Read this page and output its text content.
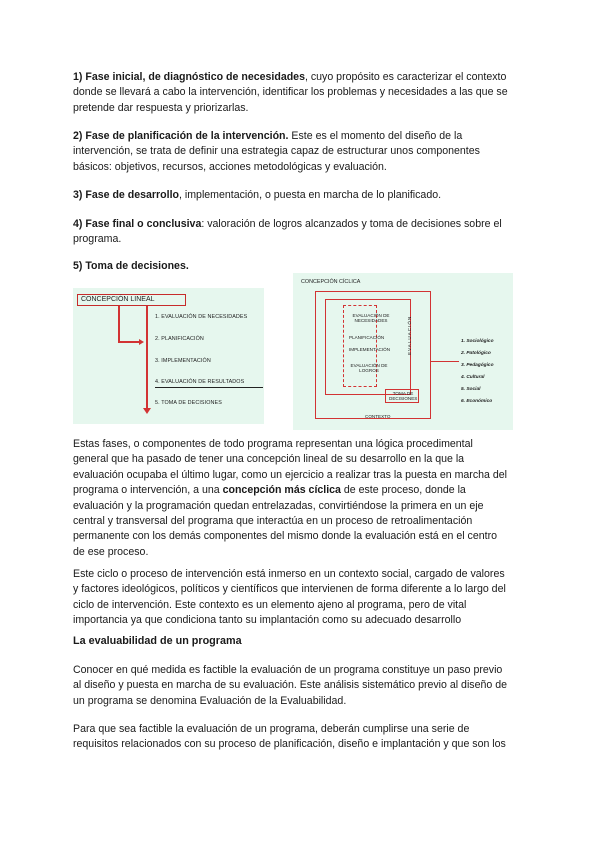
1) Fase inicial, de diagnóstico de necesidades, cuyo propósito es caracterizar el contexto

donde se llevará a cabo la intervención, identificar los problemas y necesidades a las que se

pretende dar respuesta y priorizarlas.

2) Fase de planificación de la intervención. Este es el momento del diseño de la

intervención, se trata de definir una estrategia capaz de estructurar unos componentes

básicos: objetivos, recursos, acciones metodológicas y evaluación.

3) Fase de desarrollo, implementación, o puesta en marcha de lo planificado.

4) Fase final o conclusiva: valoración de logros alcanzados y toma de decisiones sobre el

programa.

5) Toma de decisiones.

CONCEPCIÓN LINEAL
1. EVALUACIÓN DE NECESIDADES
2. PLANIFICACIÓN
3. IMPLEMENTACIÓN
4. EVALUACIÓN DE RESULTADOS
5. TOMA DE DECISIONES
CONCEPCIÓN CÍCLICA
EVALUACIÓN DE NECESIDADES
PLANIFICACIÓN
IMPLEMENTACIÓN
EVALUACIÓN DE LOGROS
EVALUACIÓN
TOMA DE DECISIONES
CONTEXTO
1. Sociológico
2. Patológico
3. Pedagógico
4. Cultural
5. Social
6. Económico

Estas fases, o componentes de todo programa representan una lógica procedimental

general que ha pasado de tener una concepción lineal de su desarrollo en la que la

evaluación ocupaba el último lugar, como un ejercicio a realizar tras la puesta en marcha del

programa o intervención, a una concepción más cíclica de este proceso, donde la

evaluación y la programación quedan entrelazadas, convirtiéndose la primera en un eje

central y transversal del programa que interactúa en un proceso de retroalimentación

permanente con los demás componentes del mismo donde la evaluación está en el centro

de ese proceso.

Este ciclo o proceso de intervención está inmerso en un contexto social, cargado de valores

y factores ideológicos, políticos y científicos que intervienen de forma diferente a lo largo del

ciclo de intervención. Este contexto es un elemento ajeno al programa, pero de vital

importancia ya que condiciona tanto su implantación como su adecuado desarrollo

La evaluabilidad de un programa

Conocer en qué medida es factible la evaluación de un programa constituye un paso previo

al diseño y puesta en marcha de su evaluación. Este análisis sistemático previo al diseño de

un programa se denomina Evaluación de la Evaluabilidad.

Para que sea factible la evaluación de un programa, deberán cumplirse una serie de

requisitos relacionados con su proceso de planificación, diseño e implantación y que son los
